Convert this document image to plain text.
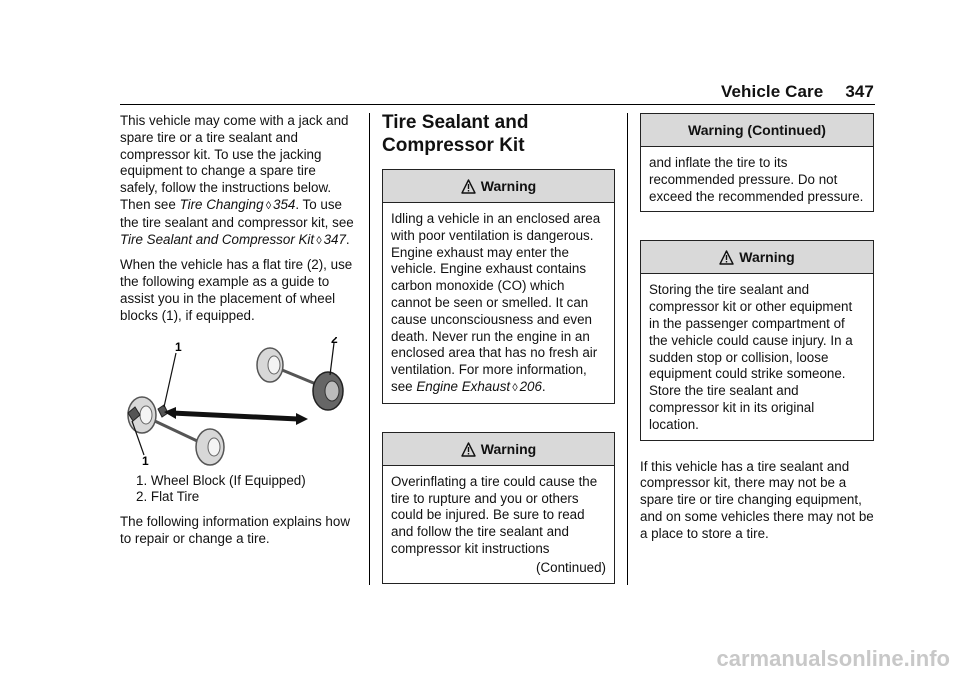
Vehicle Care 347

This vehicle may come with a jack and spare tire or a tire sealant and compressor kit. To use the jacking equipment to change a spare tire safely, follow the instructions below. Then see Tire Changing ◊ 354. To use the tire sealant and compressor kit, see Tire Sealant and Compressor Kit ◊ 347.

When the vehicle has a flat tire (2), use the following example as a guide to assist you in the placement of wheel blocks (1), if equipped.

1
2
1
1. Wheel Block (If Equipped)
2. Flat Tire

The following information explains how to repair or change a tire.

Tire Sealant and Compressor Kit
Warning

Idling a vehicle in an enclosed area with poor ventilation is dangerous. Engine exhaust may enter the vehicle. Engine exhaust contains carbon monoxide (CO) which cannot be seen or smelled. It can cause unconsciousness and even death. Never run the engine in an enclosed area that has no fresh air ventilation. For more information, see Engine Exhaust ◊ 206.

Warning

Overinflating a tire could cause the tire to rupture and you or others could be injured. Be sure to read and follow the tire sealant and compressor kit instructions

(Continued)
Warning (Continued)

and inflate the tire to its recommended pressure. Do not exceed the recommended pressure.

Warning

Storing the tire sealant and compressor kit or other equipment in the passenger compartment of the vehicle could cause injury. In a sudden stop or collision, loose equipment could strike someone. Store the tire sealant and compressor kit in its original location.

If this vehicle has a tire sealant and compressor kit, there may not be a spare tire or tire changing equipment, and on some vehicles there may not be a place to store a tire.

carmanualsonline.info
